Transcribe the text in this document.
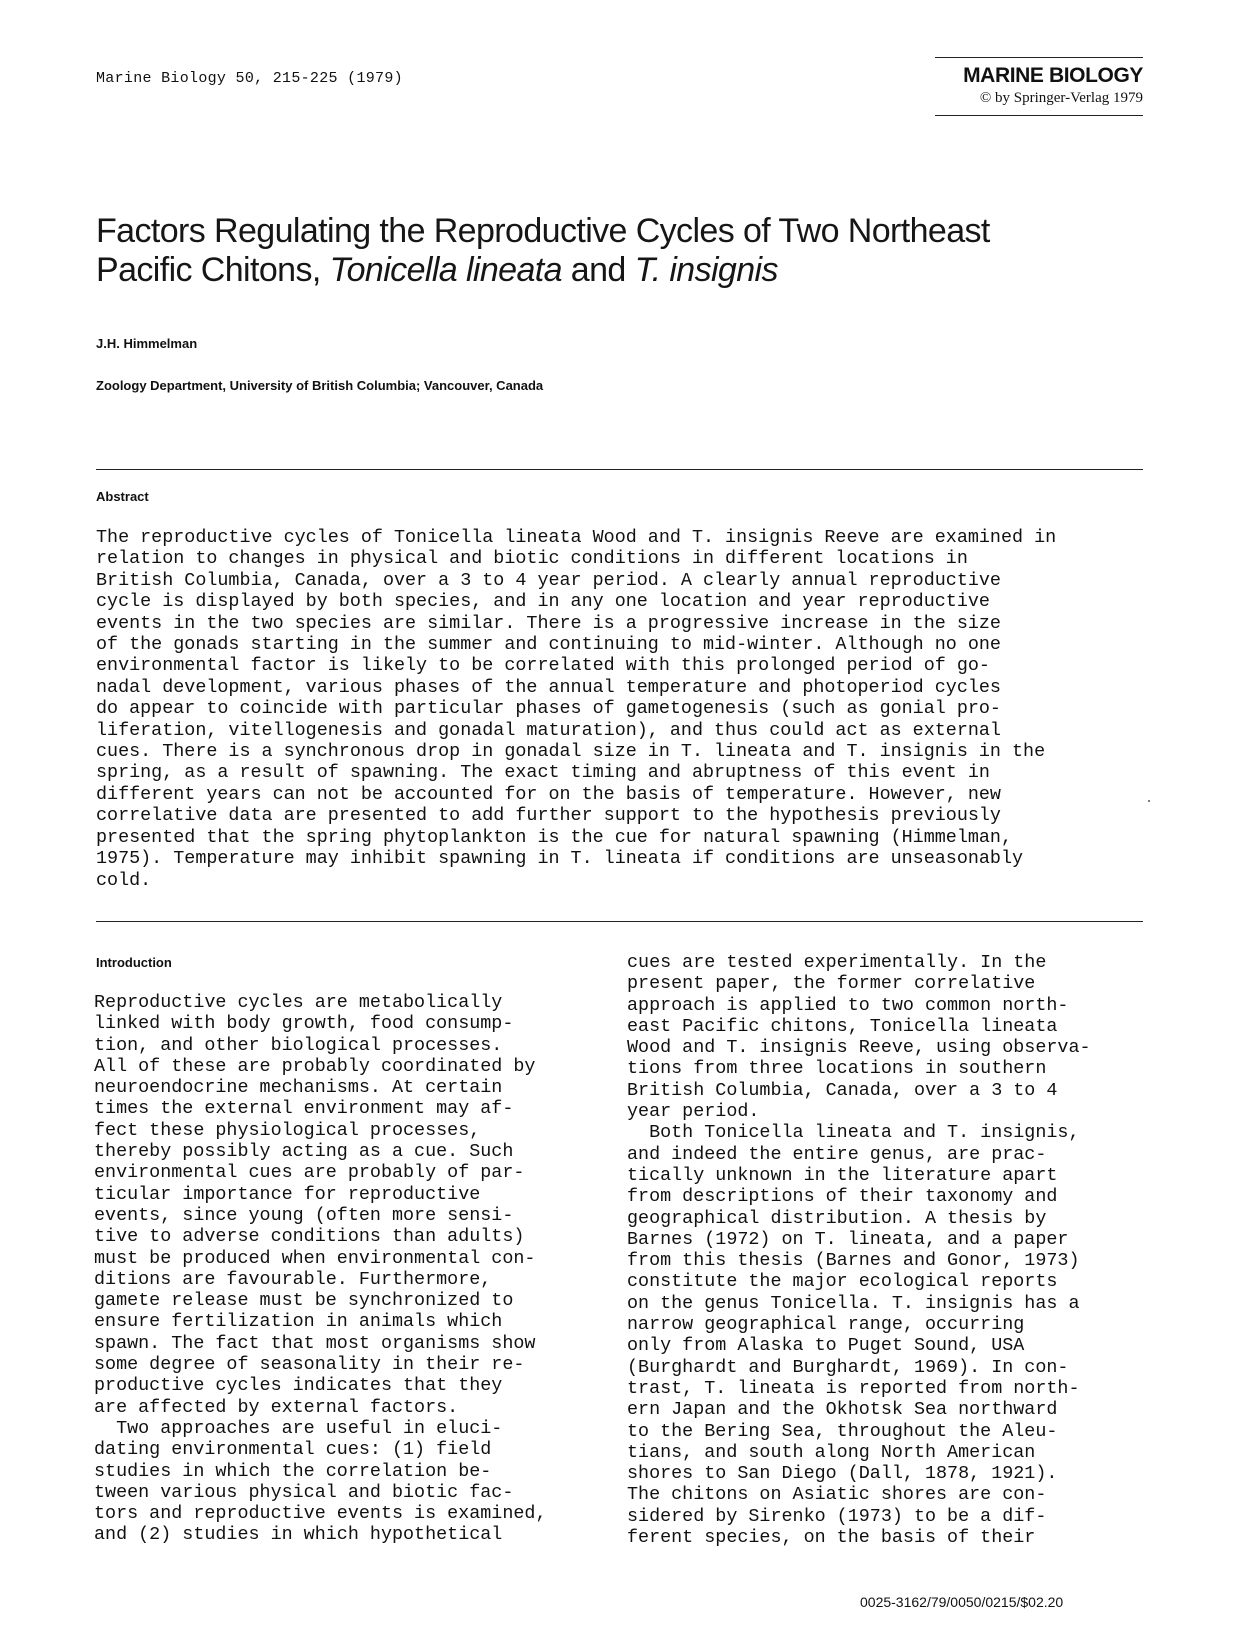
Marine Biology 50, 215-225 (1979)	MARINE BIOLOGY
© by Springer-Verlag 1979
Factors Regulating the Reproductive Cycles of Two Northeast
Pacific Chitons, Tonicella lineata and T. insignis
J.H. Himmelman
Zoology Department, University of British Columbia; Vancouver, Canada
Abstract
The reproductive cycles of Tonicella lineata Wood and T. insignis Reeve are examined in
relation to changes in physical and biotic conditions in different locations in
British Columbia, Canada, over a 3 to 4 year period. A clearly annual reproductive
cycle is displayed by both species, and in any one location and year reproductive
events in the two species are similar. There is a progressive increase in the size
of the gonads starting in the summer and continuing to mid-winter. Although no one
environmental factor is likely to be correlated with this prolonged period of go-
nadal development, various phases of the annual temperature and photoperiod cycles
do appear to coincide with particular phases of gametogenesis (such as gonial pro-
liferation, vitellogenesis and gonadal maturation), and thus could act as external
cues. There is a synchronous drop in gonadal size in T. lineata and T. insignis in the
spring, as a result of spawning. The exact timing and abruptness of this event in
different years can not be accounted for on the basis of temperature. However, new
correlative data are presented to add further support to the hypothesis previously
presented that the spring phytoplankton is the cue for natural spawning (Himmelman,
1975). Temperature may inhibit spawning in T. lineata if conditions are unseasonably
cold.
Introduction
Reproductive cycles are metabolically
linked with body growth, food consump-
tion, and other biological processes.
All of these are probably coordinated by
neuroendocrine mechanisms. At certain
times the external environment may af-
fect these physiological processes,
thereby possibly acting as a cue. Such
environmental cues are probably of par-
ticular importance for reproductive
events, since young (often more sensi-
tive to adverse conditions than adults)
must be produced when environmental con-
ditions are favourable. Furthermore,
gamete release must be synchronized to
ensure fertilization in animals which
spawn. The fact that most organisms show
some degree of seasonality in their re-
productive cycles indicates that they
are affected by external factors.
Two approaches are useful in eluci-
dating environmental cues: (1) field
studies in which the correlation be-
tween various physical and biotic fac-
tors and reproductive events is examined,
and (2) studies in which hypothetical
cues are tested experimentally. In the
present paper, the former correlative
approach is applied to two common north-
east Pacific chitons, Tonicella lineata
Wood and T. insignis Reeve, using observa-
tions from three locations in southern
British Columbia, Canada, over a 3 to 4
year period.
Both Tonicella lineata and T. insignis,
and indeed the entire genus, are prac-
tically unknown in the literature apart
from descriptions of their taxonomy and
geographical distribution. A thesis by
Barnes (1972) on T. lineata, and a paper
from this thesis (Barnes and Gonor, 1973)
constitute the major ecological reports
on the genus Tonicella. T. insignis has a
narrow geographical range, occurring
only from Alaska to Puget Sound, USA
(Burghardt and Burghardt, 1969). In con-
trast, T. lineata is reported from north-
ern Japan and the Okhotsk Sea northward
to the Bering Sea, throughout the Aleu-
tians, and south along North American
shores to San Diego (Dall, 1878, 1921).
The chitons on Asiatic shores are con-
sidered by Sirenko (1973) to be a dif-
ferent species, on the basis of their
0025-3162/79/0050/0215/$02.20
